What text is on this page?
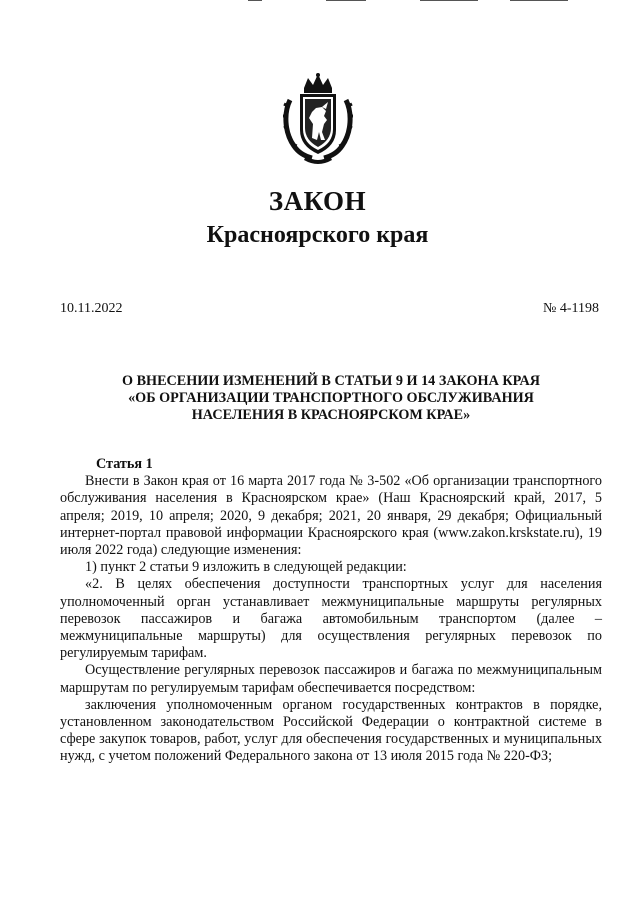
ЗАКОН
Красноярского края
10.11.2022	№ 4-1198
О ВНЕСЕНИИ ИЗМЕНЕНИЙ В СТАТЬИ 9 И 14 ЗАКОНА КРАЯ
«ОБ ОРГАНИЗАЦИИ ТРАНСПОРТНОГО ОБСЛУЖИВАНИЯ
НАСЕЛЕНИЯ В КРАСНОЯРСКОМ КРАЕ»
Статья 1

Внести в Закон края от 16 марта 2017 года № 3-502 «Об организации транспортного обслуживания населения в Красноярском крае» (Наш Красноярский край, 2017, 5 апреля; 2019, 10 апреля; 2020, 9 декабря; 2021, 20 января, 29 декабря; Официальный интернет-портал правовой информации Красноярского края (www.zakon.krskstate.ru), 19 июля 2022 года) следующие изменения:

1) пункт 2 статьи 9 изложить в следующей редакции:

«2. В целях обеспечения доступности транспортных услуг для населения уполномоченный орган устанавливает межмуниципальные маршруты регулярных перевозок пассажиров и багажа автомобильным транспортом (далее – межмуниципальные маршруты) для осуществления регулярных перевозок по регулируемым тарифам.

Осуществление регулярных перевозок пассажиров и багажа по межмуниципальным маршрутам по регулируемым тарифам обеспечивается посредством:

заключения уполномоченным органом государственных контрактов в порядке, установленном законодательством Российской Федерации о контрактной системе в сфере закупок товаров, работ, услуг для обеспечения государственных и муниципальных нужд, с учетом положений Федерального закона от 13 июля 2015 года № 220-ФЗ;
